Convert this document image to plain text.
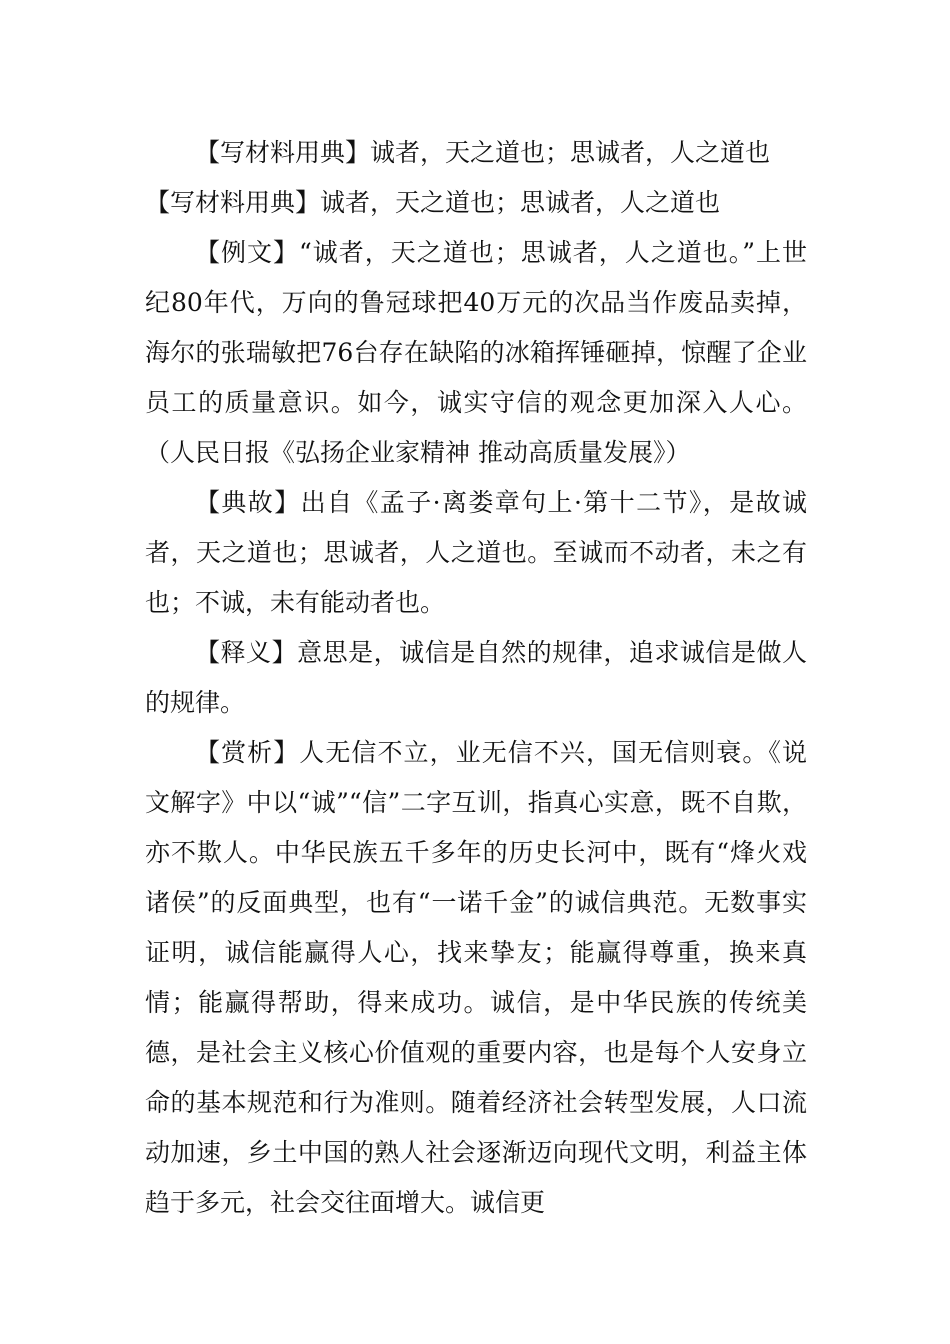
【写材料用典】诚者，天之道也；思诚者，人之道也

【写材料用典】诚者，天之道也；思诚者，人之道也

【例文】“诚者，天之道也；思诚者，人之道也。”上世纪80年代，万向的鲁冠球把40万元的次品当作废品卖掉，海尔的张瑞敏把76台存在缺陷的冰箱挥锤砸掉，惊醒了企业员工的质量意识。如今，诚实守信的观念更加深入人心。（人民日报《弘扬企业家精神 推动高质量发展》）

【典故】出自《孟子·离娄章句上·第十二节》，是故诚者，天之道也；思诚者，人之道也。至诚而不动者，未之有也；不诚，未有能动者也。

【释义】意思是，诚信是自然的规律，追求诚信是做人的规律。

【赏析】人无信不立，业无信不兴，国无信则衰。《说文解字》中以“诚”“信”二字互训，指真心实意，既不自欺，亦不欺人。中华民族五千多年的历史长河中，既有“烽火戏诸侯”的反面典型，也有“一诺千金”的诚信典范。无数事实证明，诚信能赢得人心，找来挚友；能赢得尊重，换来真情；能赢得帮助，得来成功。诚信，是中华民族的传统美德，是社会主义核心价值观的重要内容，也是每个人安身立命的基本规范和行为准则。随着经济社会转型发展，人口流动加速，乡土中国的熟人社会逐渐迈向现代文明，利益主体趋于多元，社会交往面增大。诚信更
